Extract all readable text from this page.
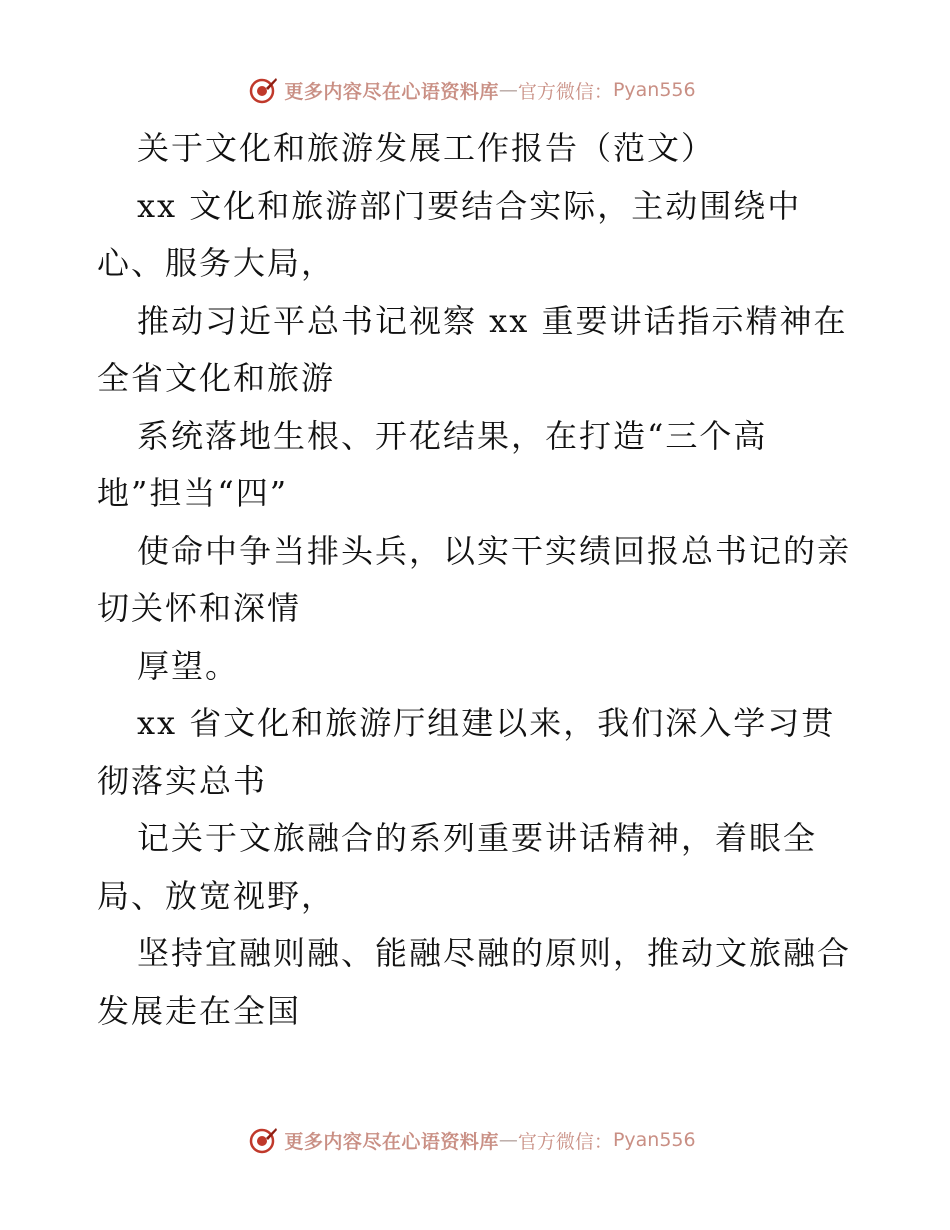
更多内容尽在心语资料库 — 官方微信： Pyan556
关于文化和旅游发展工作报告（范文）
xx 文化和旅游部门要结合实际，主动围绕中
心、服务大局，
推动习近平总书记视察 xx 重要讲话指示精神在
全省文化和旅游
系统落地生根、开花结果，在打造“三个高
地”担当“四”
使命中争当排头兵，以实干实绩回报总书记的亲
切关怀和深情
厚望。
xx 省文化和旅游厅组建以来，我们深入学习贯
彻落实总书
记关于文旅融合的系列重要讲话精神，着眼全
局、放宽视野，
坚持宜融则融、能融尽融的原则，推动文旅融合
发展走在全国
更多内容尽在心语资料库 — 官方微信： Pyan556
